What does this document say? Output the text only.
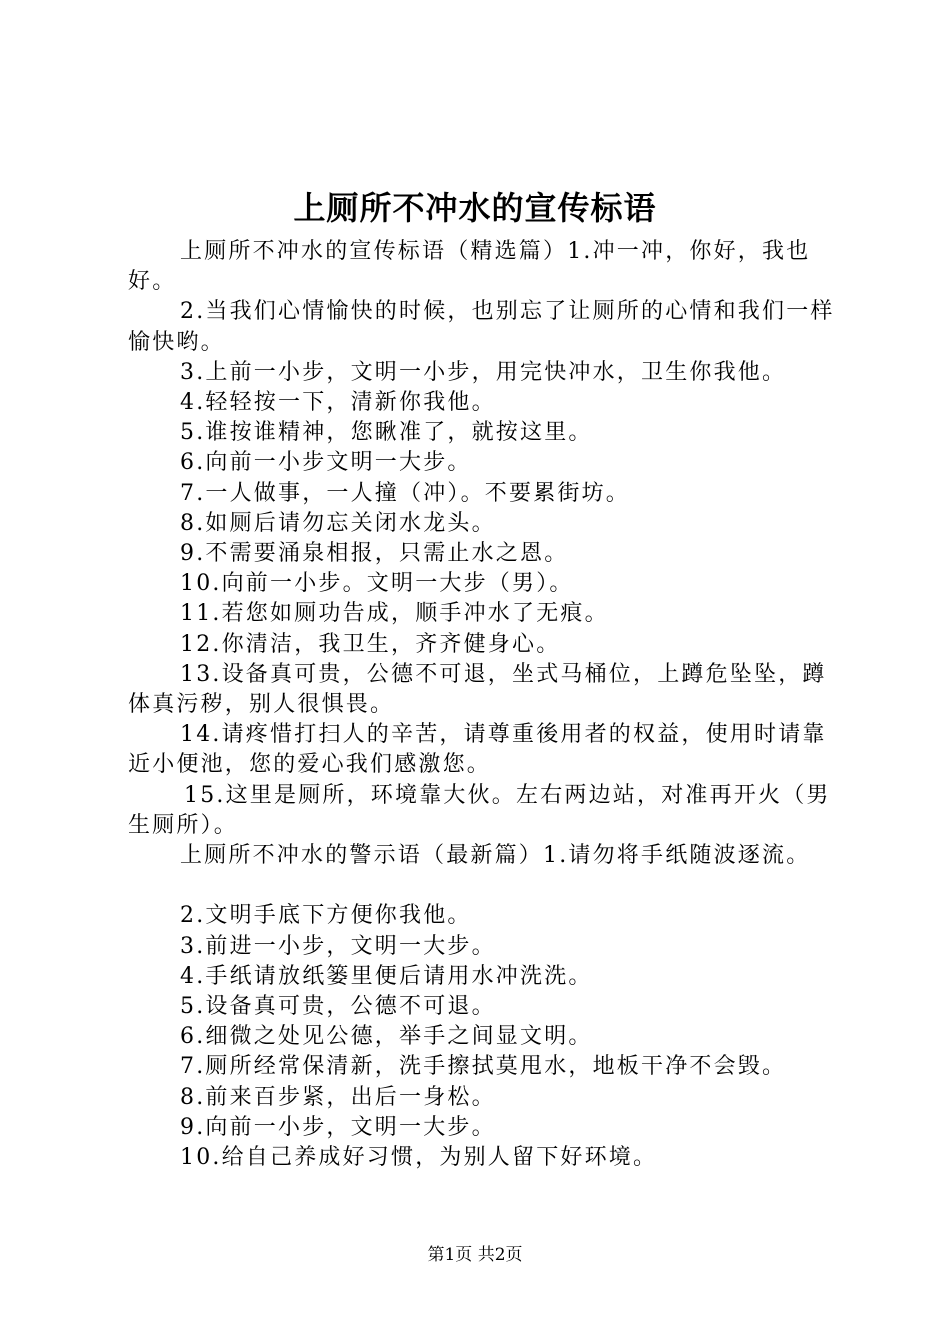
上厕所不冲水的宣传标语

上厕所不冲水的宣传标语（精选篇）1.冲一冲，你好，我也好。

2.当我们心情愉快的时候，也别忘了让厕所的心情和我们一样愉快哟。

3.上前一小步，文明一小步，用完快冲水，卫生你我他。

4.轻轻按一下，清新你我他。

5.谁按谁精神，您瞅准了，就按这里。

6.向前一小步文明一大步。

7.一人做事，一人撞（冲）。不要累街坊。

8.如厕后请勿忘关闭水龙头。

9.不需要涌泉相报，只需止水之恩。

10.向前一小步。文明一大步（男）。

11.若您如厕功告成，顺手冲水了无痕。

12.你清洁，我卫生，齐齐健身心。

13.设备真可贵，公德不可退，坐式马桶位，上蹲危坠坠，蹲体真污秽，别人很惧畏。

14.请疼惜打扫人的辛苦，请尊重後用者的权益，使用时请靠近小便池，您的爱心我们感激您。

15.这里是厕所，环境靠大伙。左右两边站，对准再开火（男生厕所）。

上厕所不冲水的警示语（最新篇）1.请勿将手纸随波逐流。

2.文明手底下方便你我他。

3.前进一小步，文明一大步。

4.手纸请放纸篓里便后请用水冲洗洗。

5.设备真可贵，公德不可退。

6.细微之处见公德，举手之间显文明。

7.厕所经常保清新，洗手擦拭莫甩水，地板干净不会毁。

8.前来百步紧，出后一身松。

9.向前一小步，文明一大步。

10.给自己养成好习惯，为别人留下好环境。

第1页 共2页
